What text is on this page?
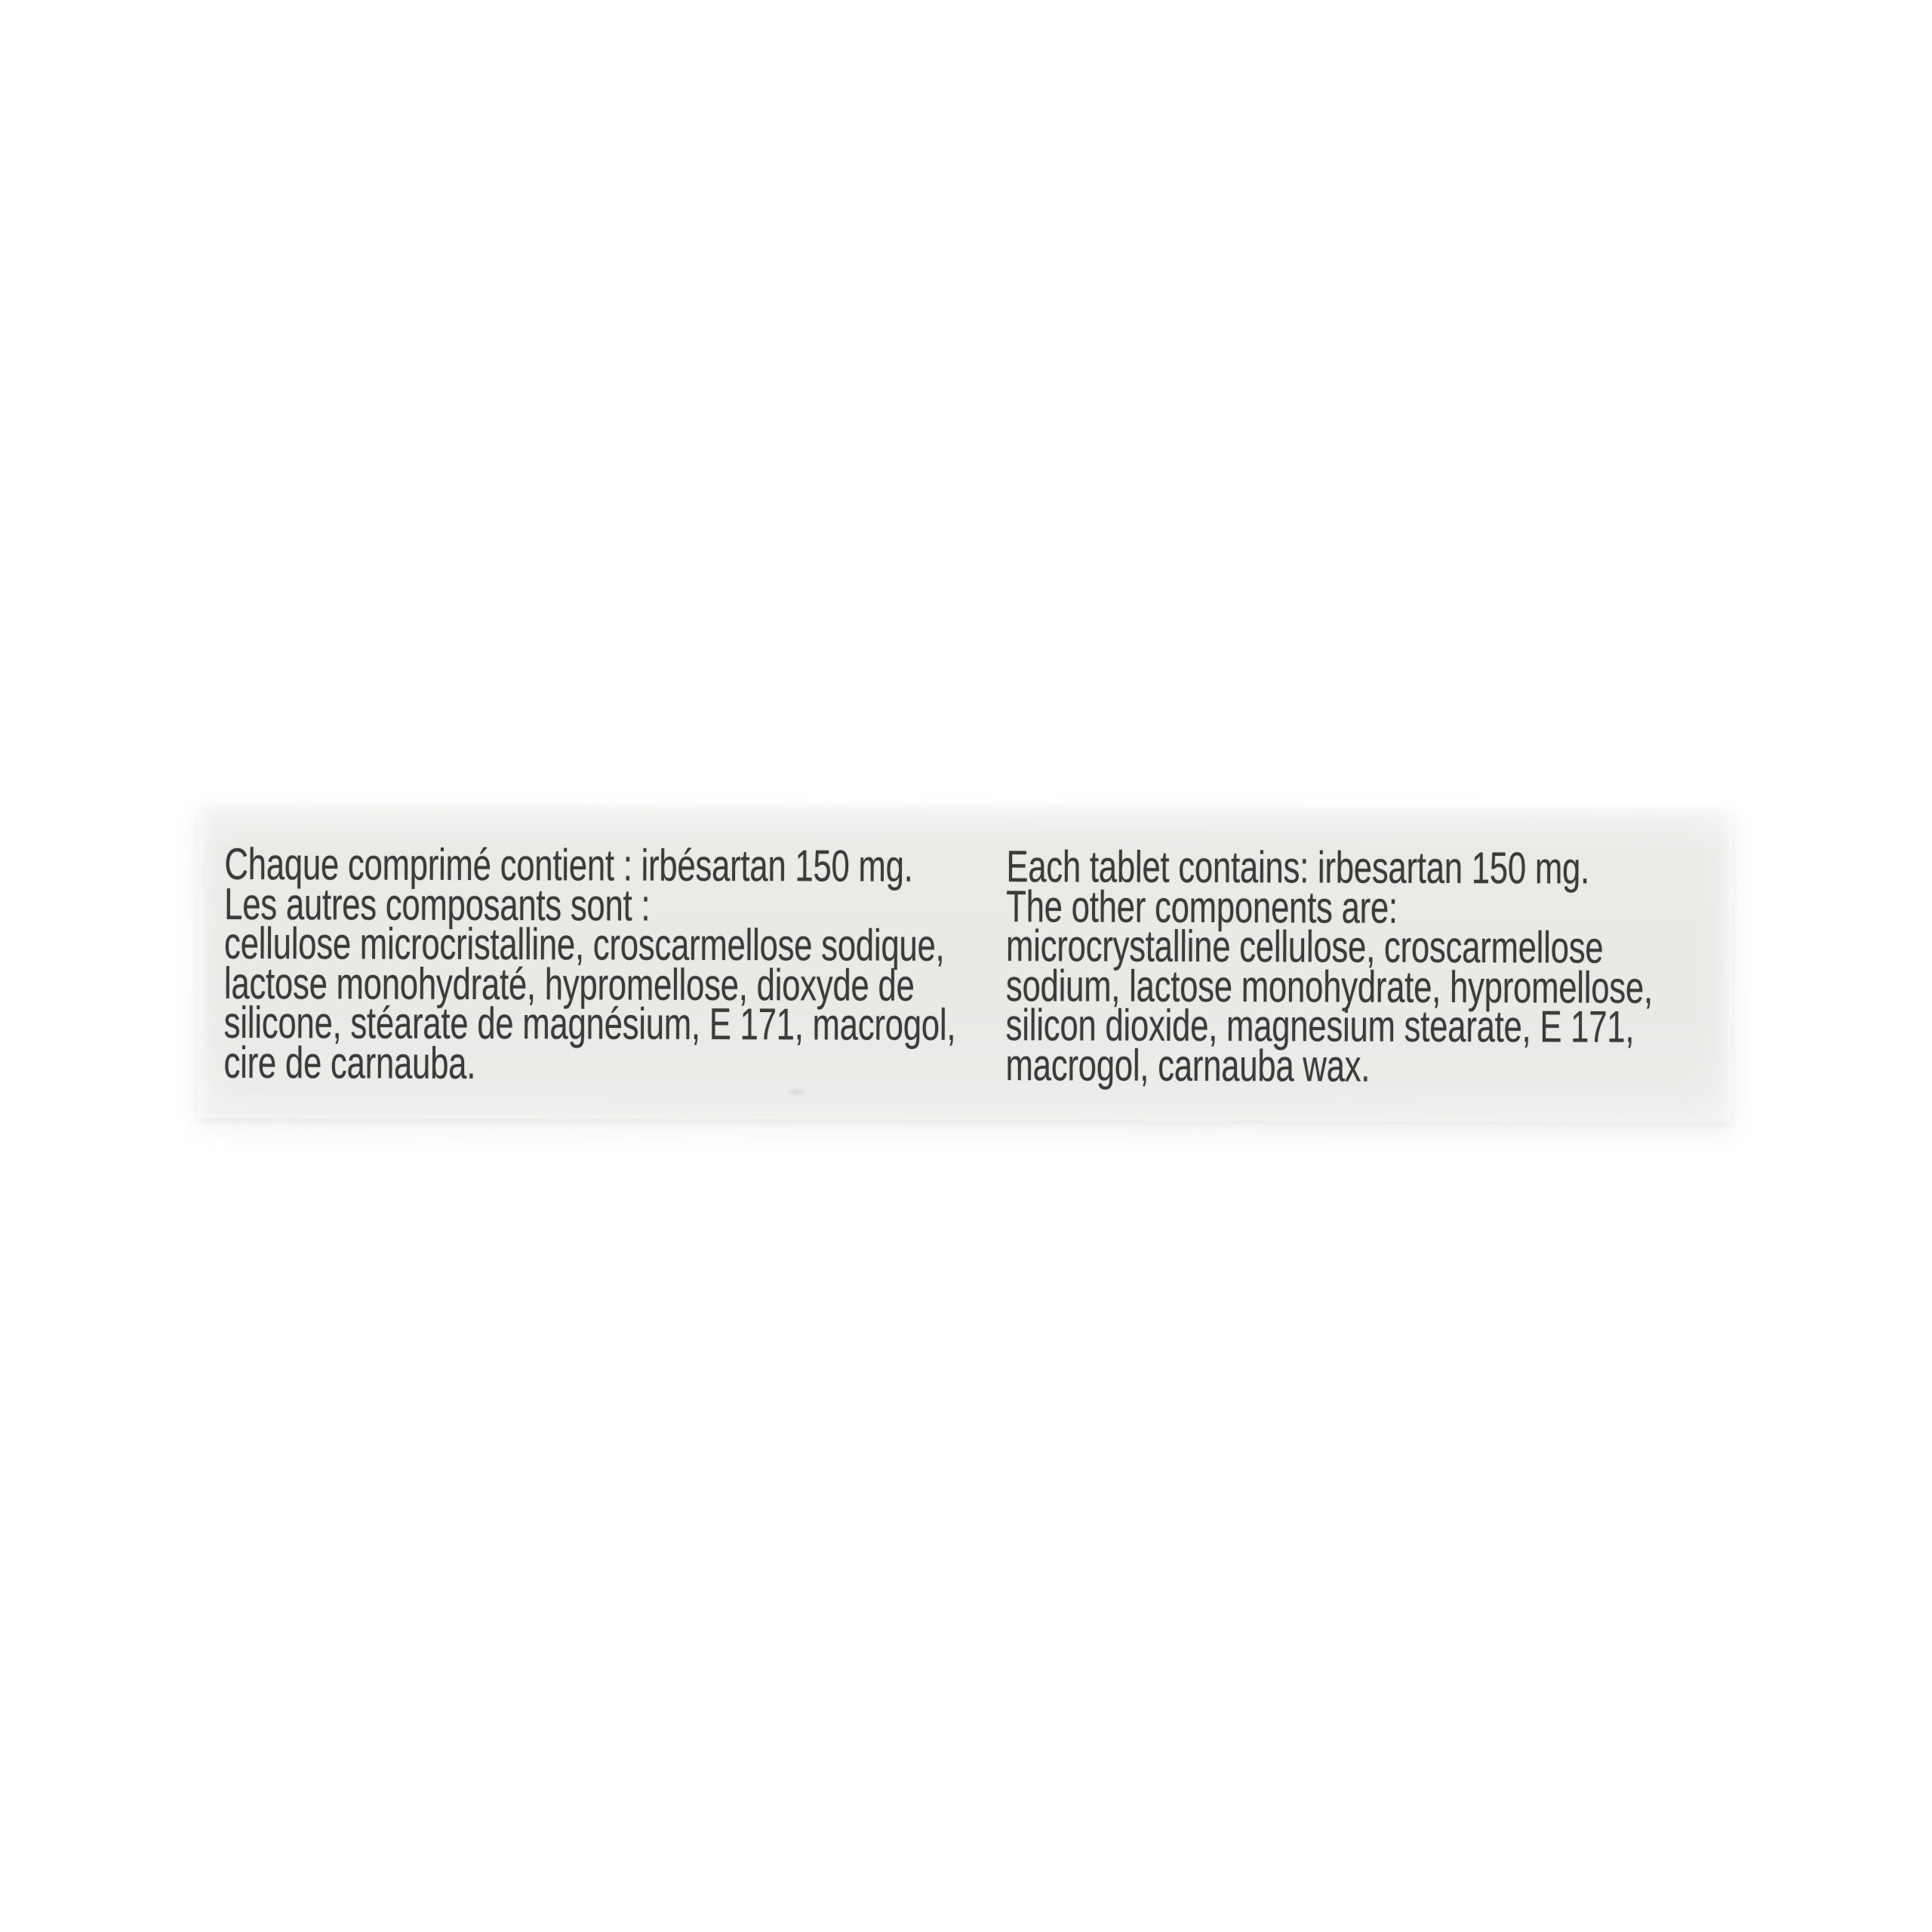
Chaque comprimé contient : irbésartan 150 mg.
Les autres composants sont :
cellulose microcristalline, croscarmellose sodique,
lactose monohydraté, hypromellose, dioxyde de
silicone, stéarate de magnésium, E 171, macrogol,
cire de carnauba.
Each tablet contains: irbesartan 150 mg.
The other components are:
microcrystalline cellulose, croscarmellose
sodium, lactose monohydrate, hypromellose,
silicon dioxide, magnesium stearate, E 171,
macrogol, carnauba wax.
